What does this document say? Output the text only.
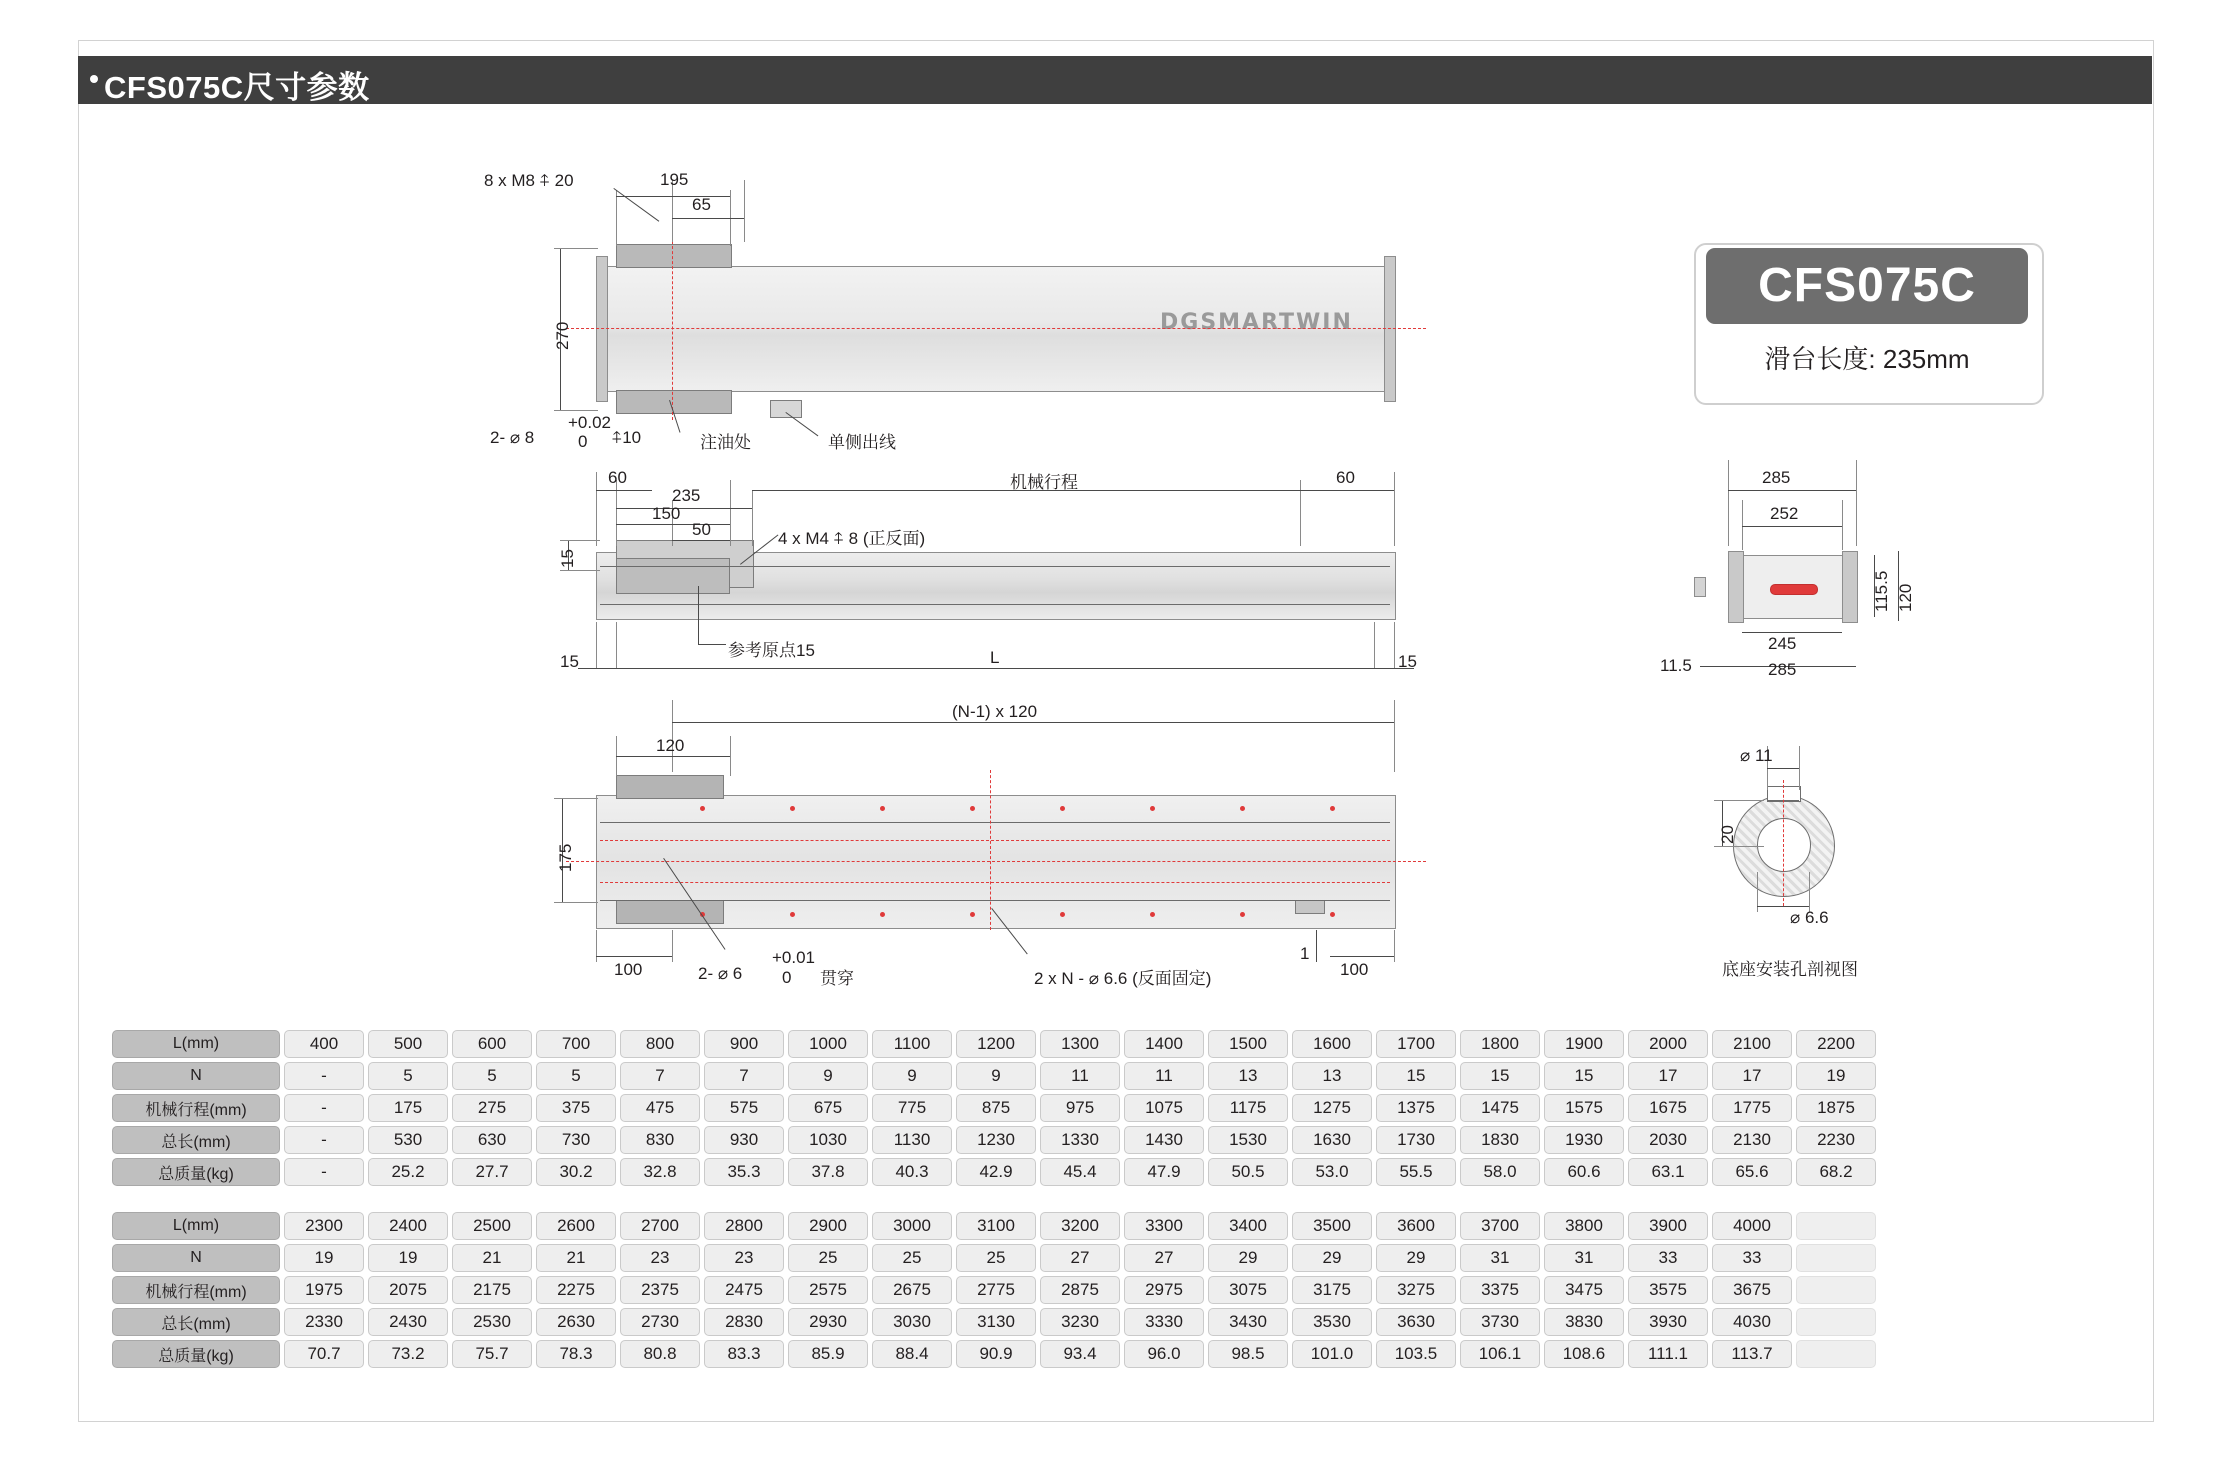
CFS075C尺寸参数
CFS075C
滑台长度: 235mm
DGSMARTWIN
195
65
270
8 x M8 ⍏ 20
2- ⌀ 8
+0.02
0 ⍏10	注油处	单侧出线
60
235
150
50
机械行程	60
15
4 x M4 ⍏ 8 (正反面)
参考原点15
15	L	15
(N-1) x 120
120
175
100	2- ⌀ 6
+0.01
0 贯穿	2 x N - ⌀ 6.6 (反面固定)
1
100
285
252
115.5 120
245
11.5	285
⌀ 11
20
⌀ 6.6
底座安装孔剖视图
L(mm)	400	500	600	700	800	900	1000	1100	1200	1300	1400	1500	1600	1700	1800	1900	2000	2100	2200
N	-	5	5	5	7	7	9	9	9	11	11	13	13	15	15	15	17	17	19
机械行程(mm)	-	175	275	375	475	575	675	775	875	975	1075	1175	1275	1375	1475	1575	1675	1775	1875
总长(mm)	-	530	630	730	830	930	1030	1130	1230	1330	1430	1530	1630	1730	1830	1930	2030	2130	2230
总质量(kg)	-	25.2	27.7	30.2	32.8	35.3	37.8	40.3	42.9	45.4	47.9	50.5	53.0	55.5	58.0	60.6	63.1	65.6	68.2
L(mm)	2300	2400	2500	2600	2700	2800	2900	3000	3100	3200	3300	3400	3500	3600	3700	3800	3900	4000	
N	19	19	21	21	23	23	25	25	25	27	27	29	29	29	31	31	33	33	
机械行程(mm)	1975	2075	2175	2275	2375	2475	2575	2675	2775	2875	2975	3075	3175	3275	3375	3475	3575	3675	
总长(mm)	2330	2430	2530	2630	2730	2830	2930	3030	3130	3230	3330	3430	3530	3630	3730	3830	3930	4030	
总质量(kg)	70.7	73.2	75.7	78.3	80.8	83.3	85.9	88.4	90.9	93.4	96.0	98.5	101.0	103.5	106.1	108.6	111.1	113.7	
